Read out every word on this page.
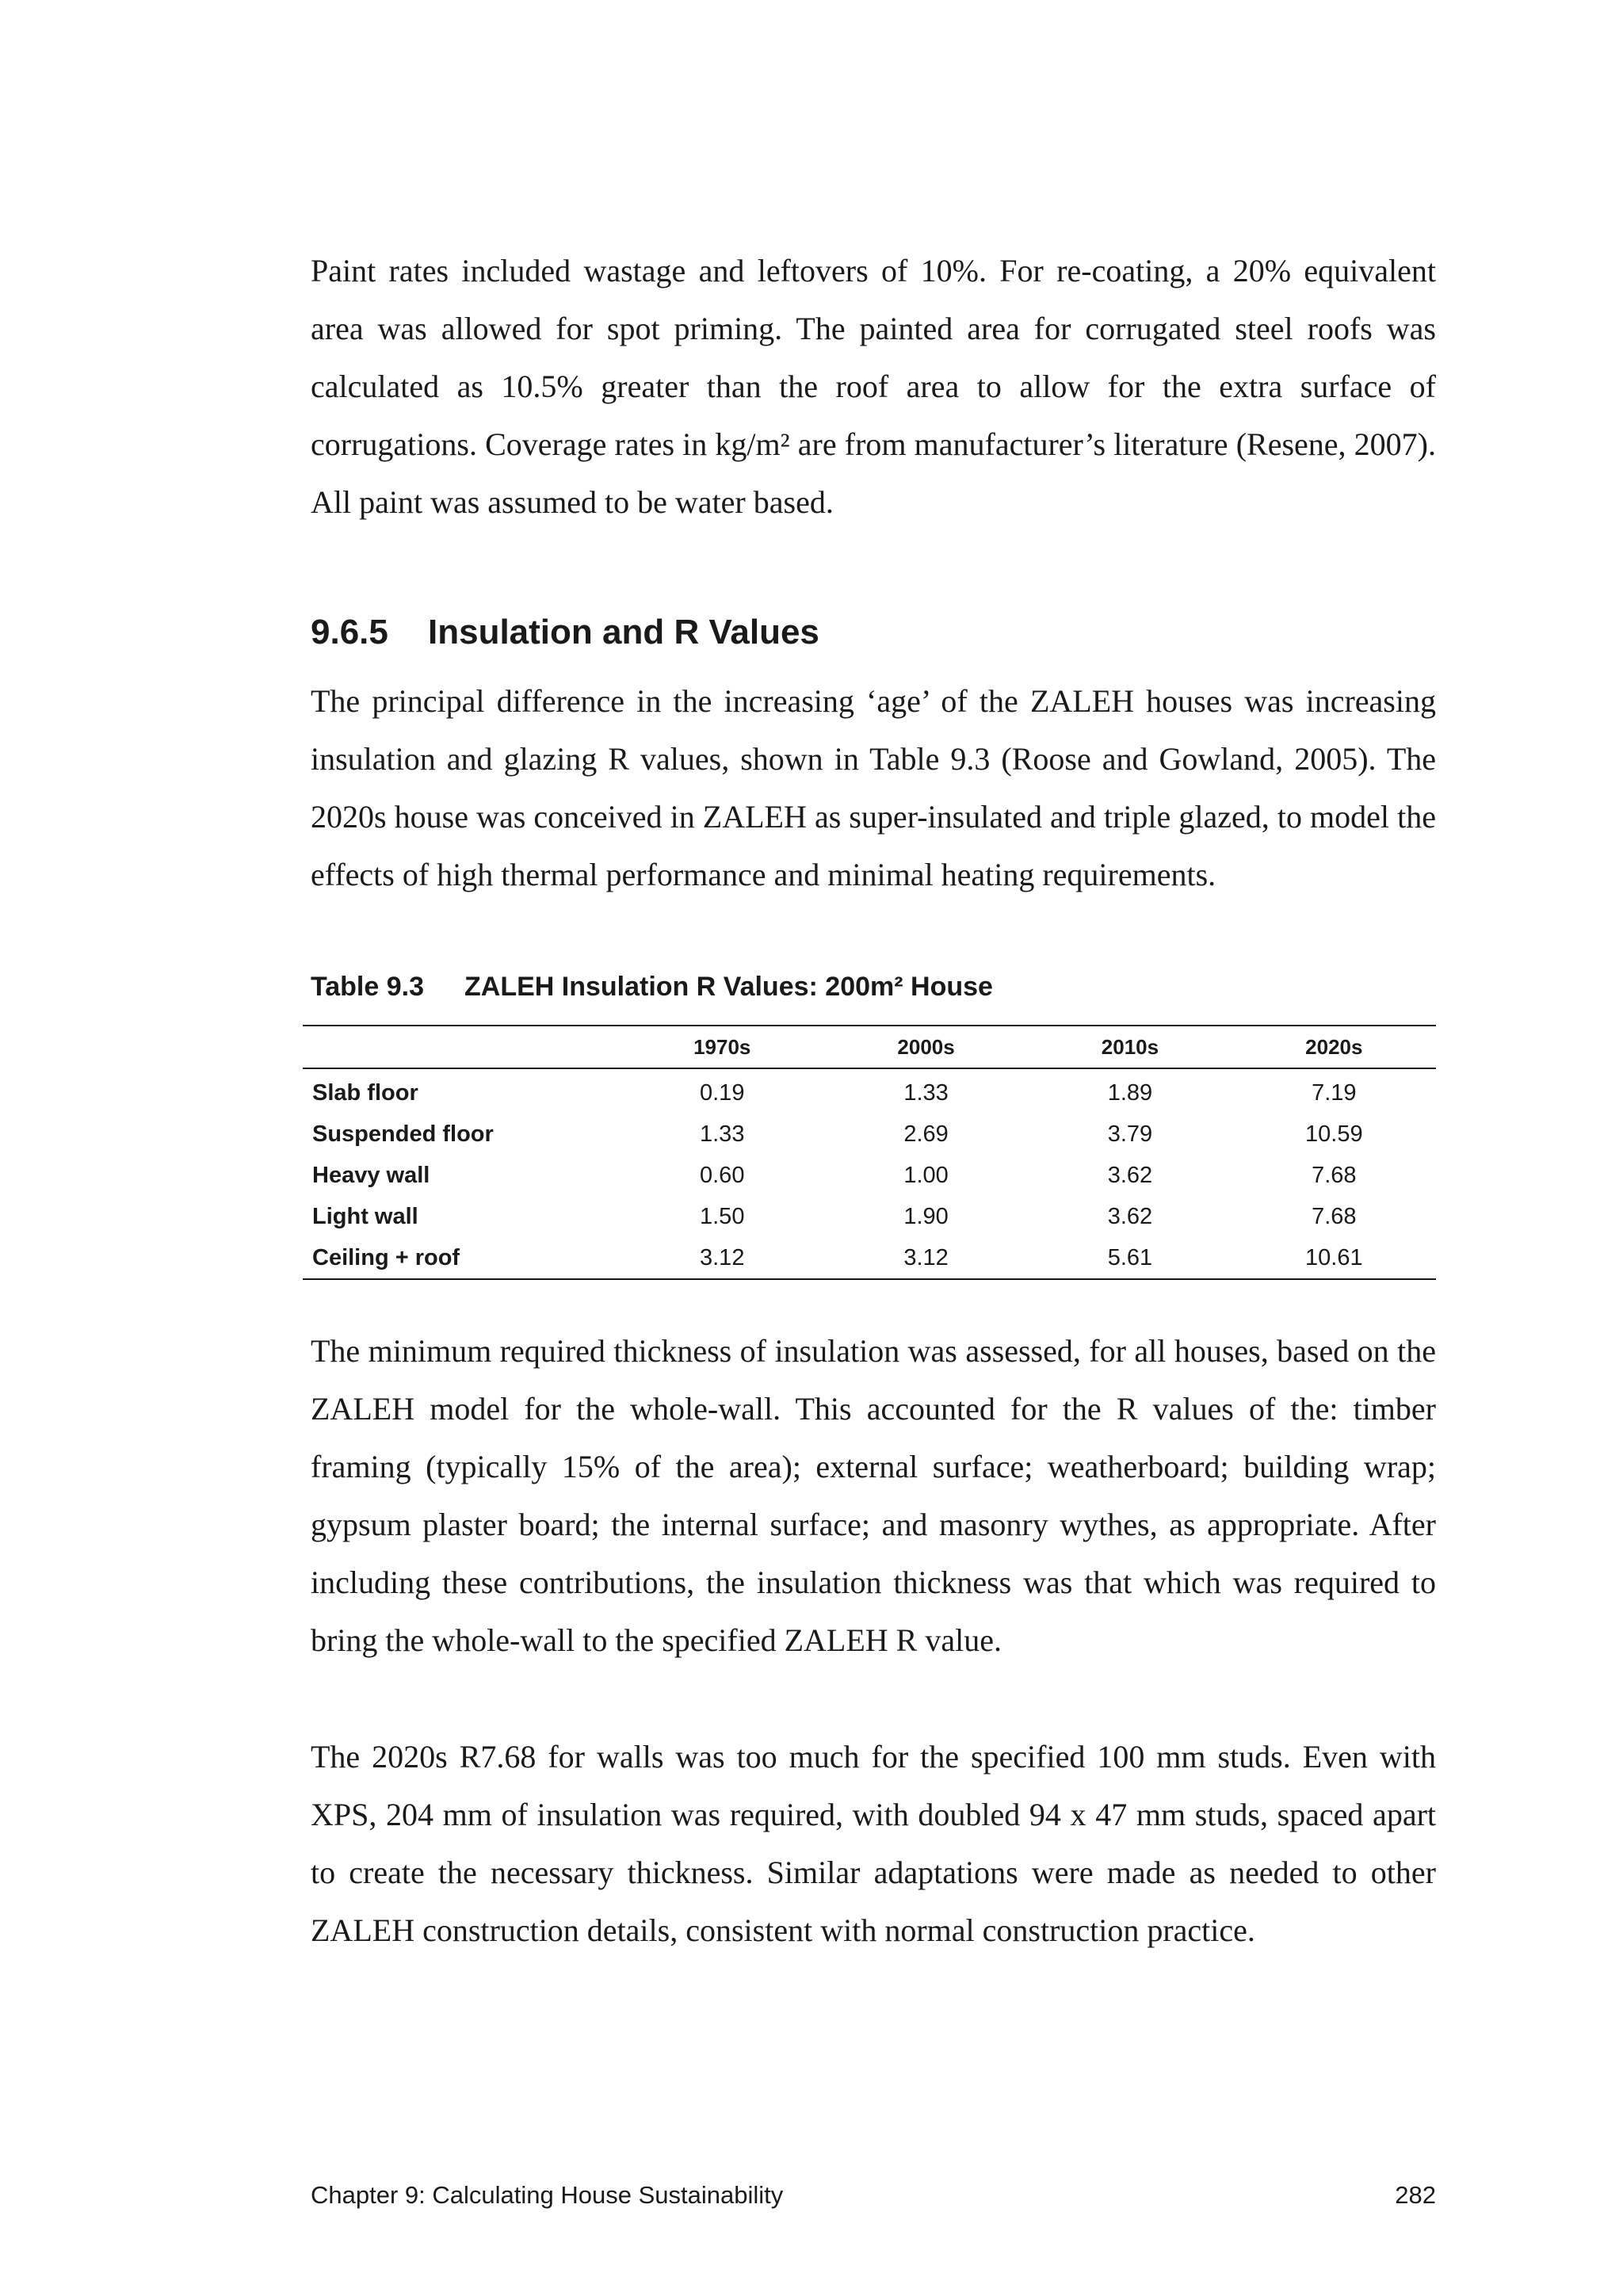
Paint rates included wastage and leftovers of 10%. For re-coating, a 20% equivalent area was allowed for spot priming. The painted area for corrugated steel roofs was calculated as 10.5% greater than the roof area to allow for the extra surface of corrugations. Coverage rates in kg/m² are from manufacturer’s literature (Resene, 2007). All paint was assumed to be water based.

9.6.5 Insulation and R Values

The principal difference in the increasing ‘age’ of the ZALEH houses was increasing insulation and glazing R values, shown in Table 9.3 (Roose and Gowland, 2005). The 2020s house was conceived in ZALEH as super-insulated and triple glazed, to model the effects of high thermal performance and minimal heating requirements.

Table 9.3 ZALEH Insulation R Values: 200m² House
	1970s	2000s	2010s	2020s
Slab floor	0.19	1.33	1.89	7.19
Suspended floor	1.33	2.69	3.79	10.59
Heavy wall	0.60	1.00	3.62	7.68
Light wall	1.50	1.90	3.62	7.68
Ceiling + roof	3.12	3.12	5.61	10.61

The minimum required thickness of insulation was assessed, for all houses, based on the ZALEH model for the whole-wall. This accounted for the R values of the: timber framing (typically 15% of the area); external surface; weatherboard; building wrap; gypsum plaster board; the internal surface; and masonry wythes, as appropriate. After including these contributions, the insulation thickness was that which was required to bring the whole-wall to the specified ZALEH R value.

The 2020s R7.68 for walls was too much for the specified 100 mm studs. Even with XPS, 204 mm of insulation was required, with doubled 94 x 47 mm studs, spaced apart to create the necessary thickness. Similar adaptations were made as needed to other ZALEH construction details, consistent with normal construction practice.

Chapter 9: Calculating House Sustainability	282
